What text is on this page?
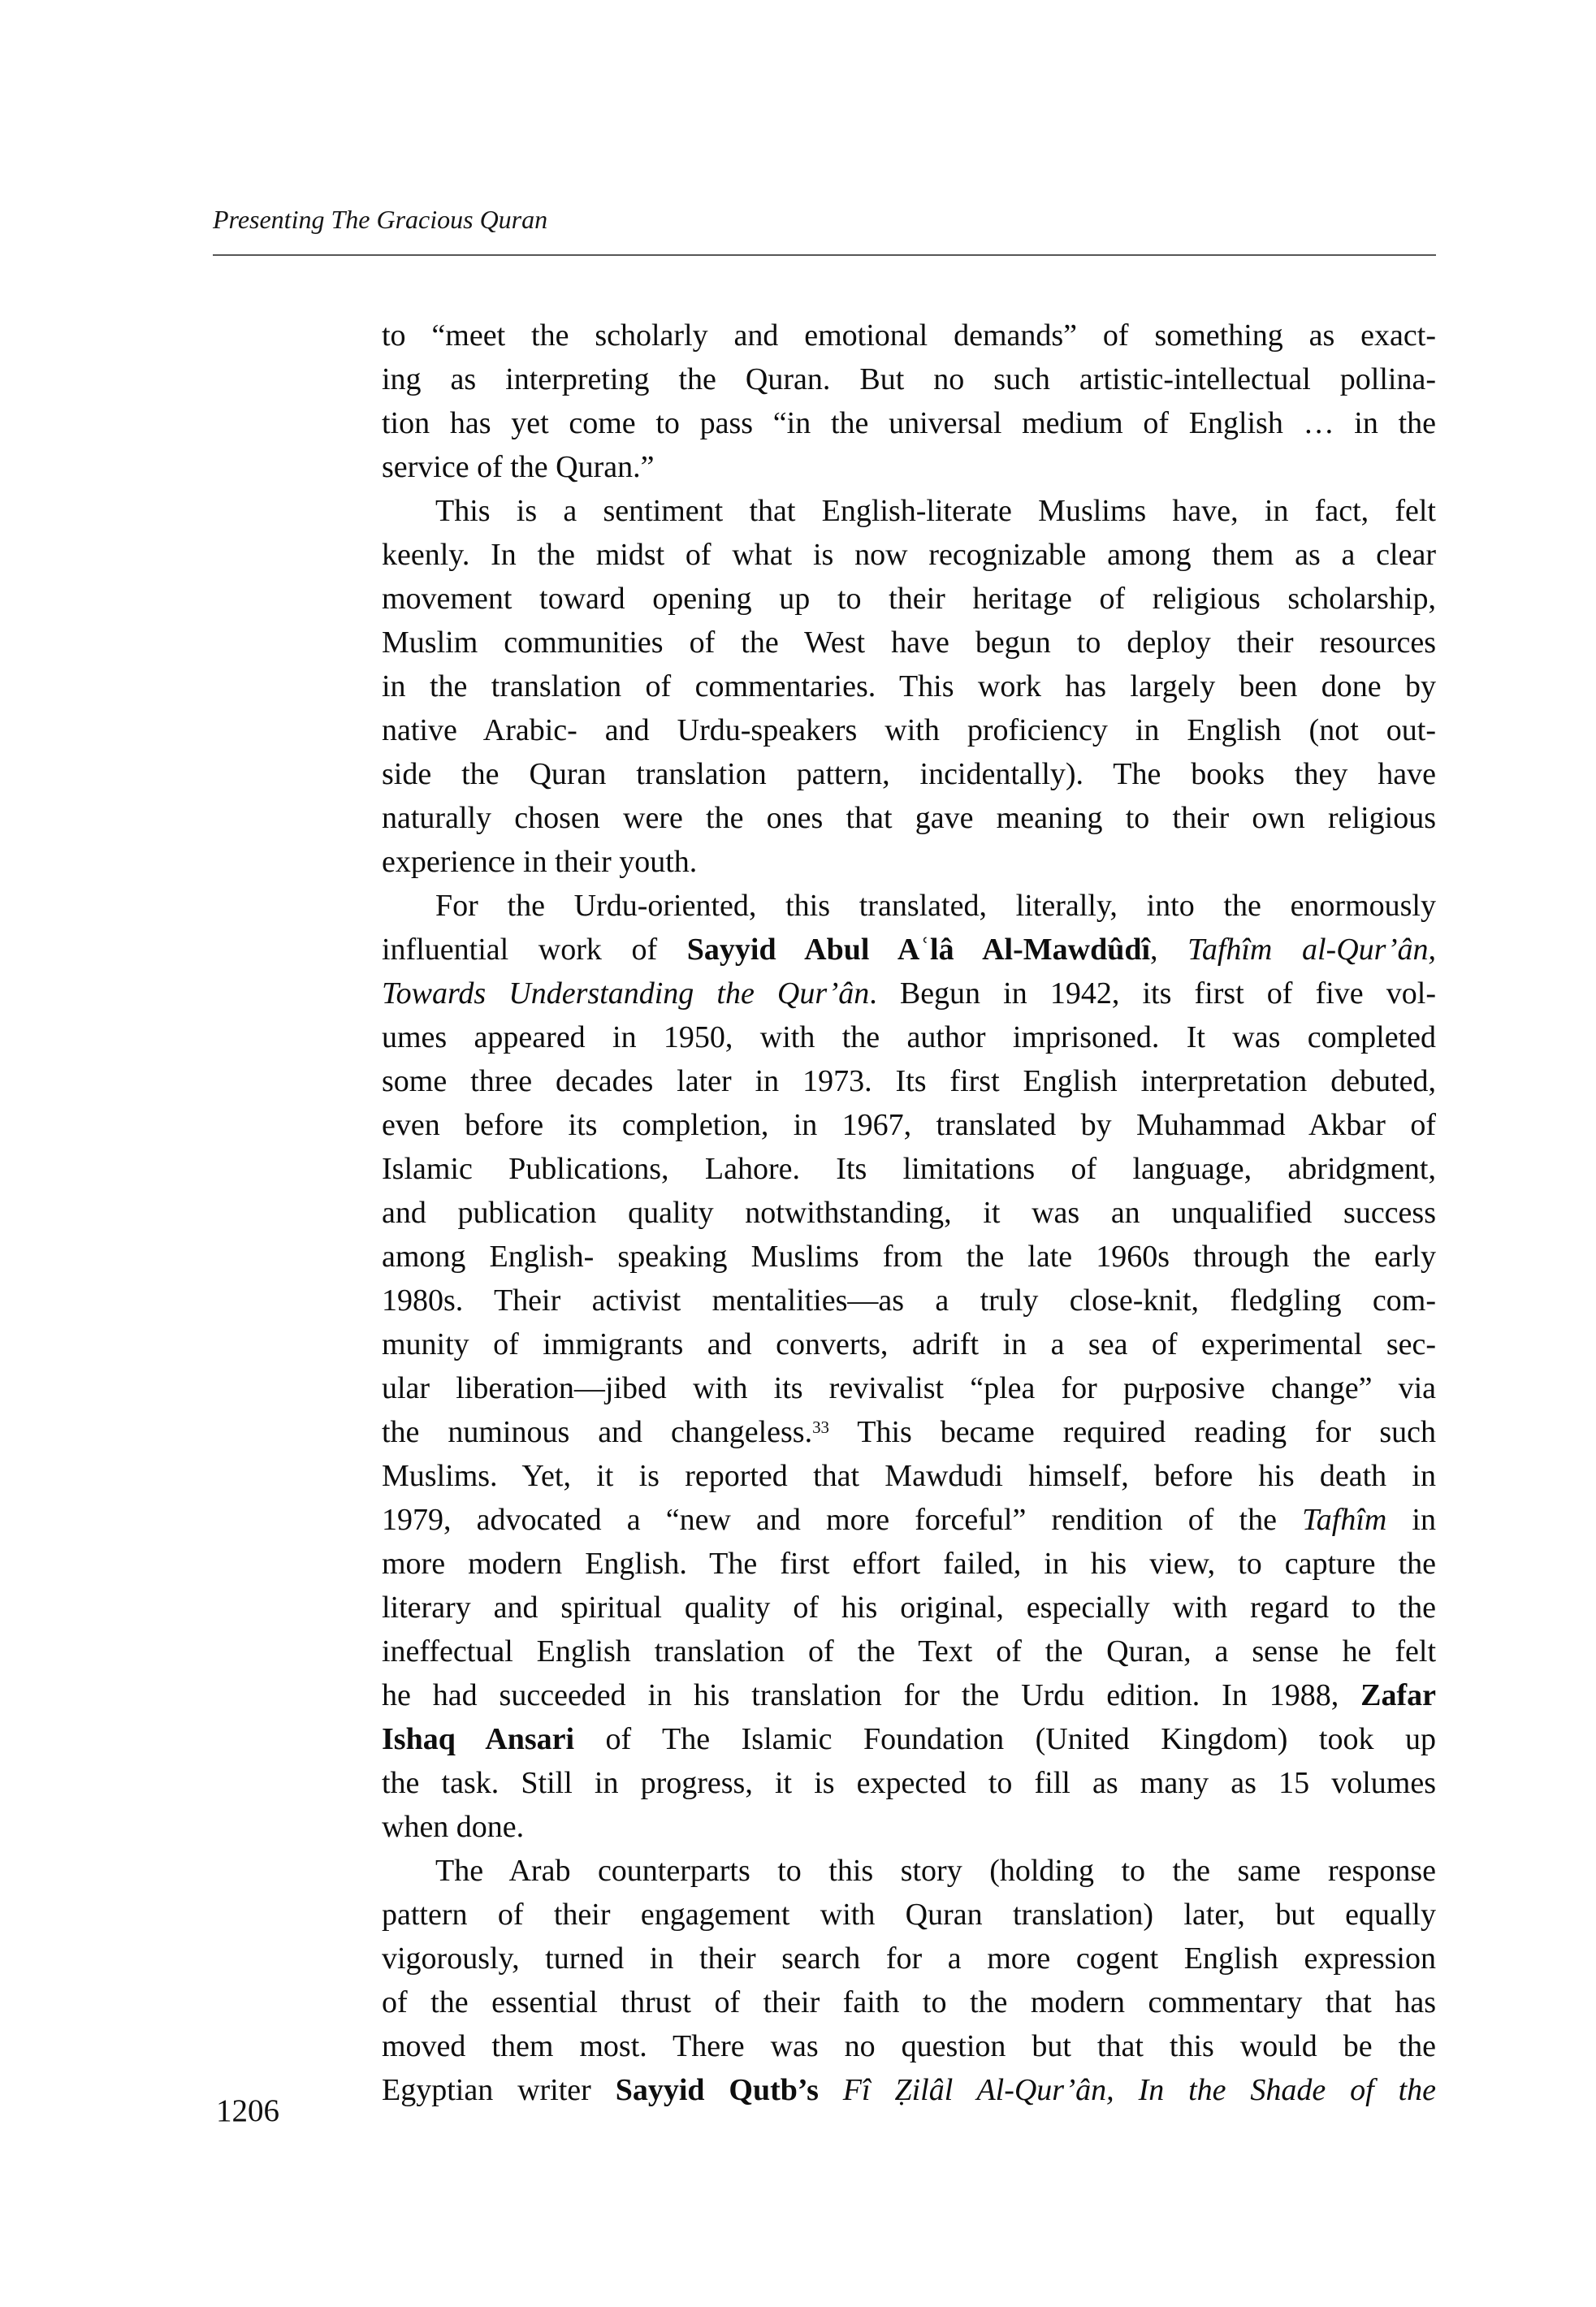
Presenting The Gracious Quran
to “meet the scholarly and emotional demands” of something as exact-
ing as interpreting the Quran. But no such artistic-intellectual pollina-
tion has yet come to pass “in the universal medium of English … in the
service of the Quran.”
This is a sentiment that English-literate Muslims have, in fact, felt
keenly. In the midst of what is now recognizable among them as a clear
movement toward opening up to their heritage of religious scholarship,
Muslim communities of the West have begun to deploy their resources
in the translation of commentaries. This work has largely been done by
native Arabic- and Urdu-speakers with proficiency in English (not out-
side the Quran translation pattern, incidentally). The books they have
naturally chosen were the ones that gave meaning to their own religious
experience in their youth.
For the Urdu-oriented, this translated, literally, into the enormously
influential work of Sayyid Abul Aʿlâ Al-Mawdûdî, Tafhîm al-Qur’ân,
Towards Understanding the Qur’ân. Begun in 1942, its first of five vol-
umes appeared in 1950, with the author imprisoned. It was completed
some three decades later in 1973. Its first English interpretation debuted,
even before its completion, in 1967, translated by Muhammad Akbar of
Islamic Publications, Lahore. Its limitations of language, abridgment,
and publication quality notwithstanding, it was an unqualified success
among English- speaking Muslims from the late 1960s through the early
1980s. Their activist mentalities—as a truly close-knit, fledgling com-
munity of immigrants and converts, adrift in a sea of experimental sec-
ular liberation—jibed with its revivalist “plea for purposive change” via
the numinous and changeless.$^{33}$ This became required reading for such
Muslims. Yet, it is reported that Mawdudi himself, before his death in
1979, advocated a “new and more forceful” rendition of the Tafhîm in
more modern English. The first effort failed, in his view, to capture the
literary and spiritual quality of his original, especially with regard to the
ineffectual English translation of the Text of the Quran, a sense he felt
he had succeeded in his translation for the Urdu edition. In 1988, Zafar
Ishaq Ansari of The Islamic Foundation (United Kingdom) took up
the task. Still in progress, it is expected to fill as many as 15 volumes
when done.
The Arab counterparts to this story (holding to the same response
pattern of their engagement with Quran translation) later, but equally
vigorously, turned in their search for a more cogent English expression
of the essential thrust of their faith to the modern commentary that has
moved them most. There was no question but that this would be the
Egyptian writer Sayyid Qutb’s Fî Ẓilâl Al-Qur’ân, In the Shade of the
1206
